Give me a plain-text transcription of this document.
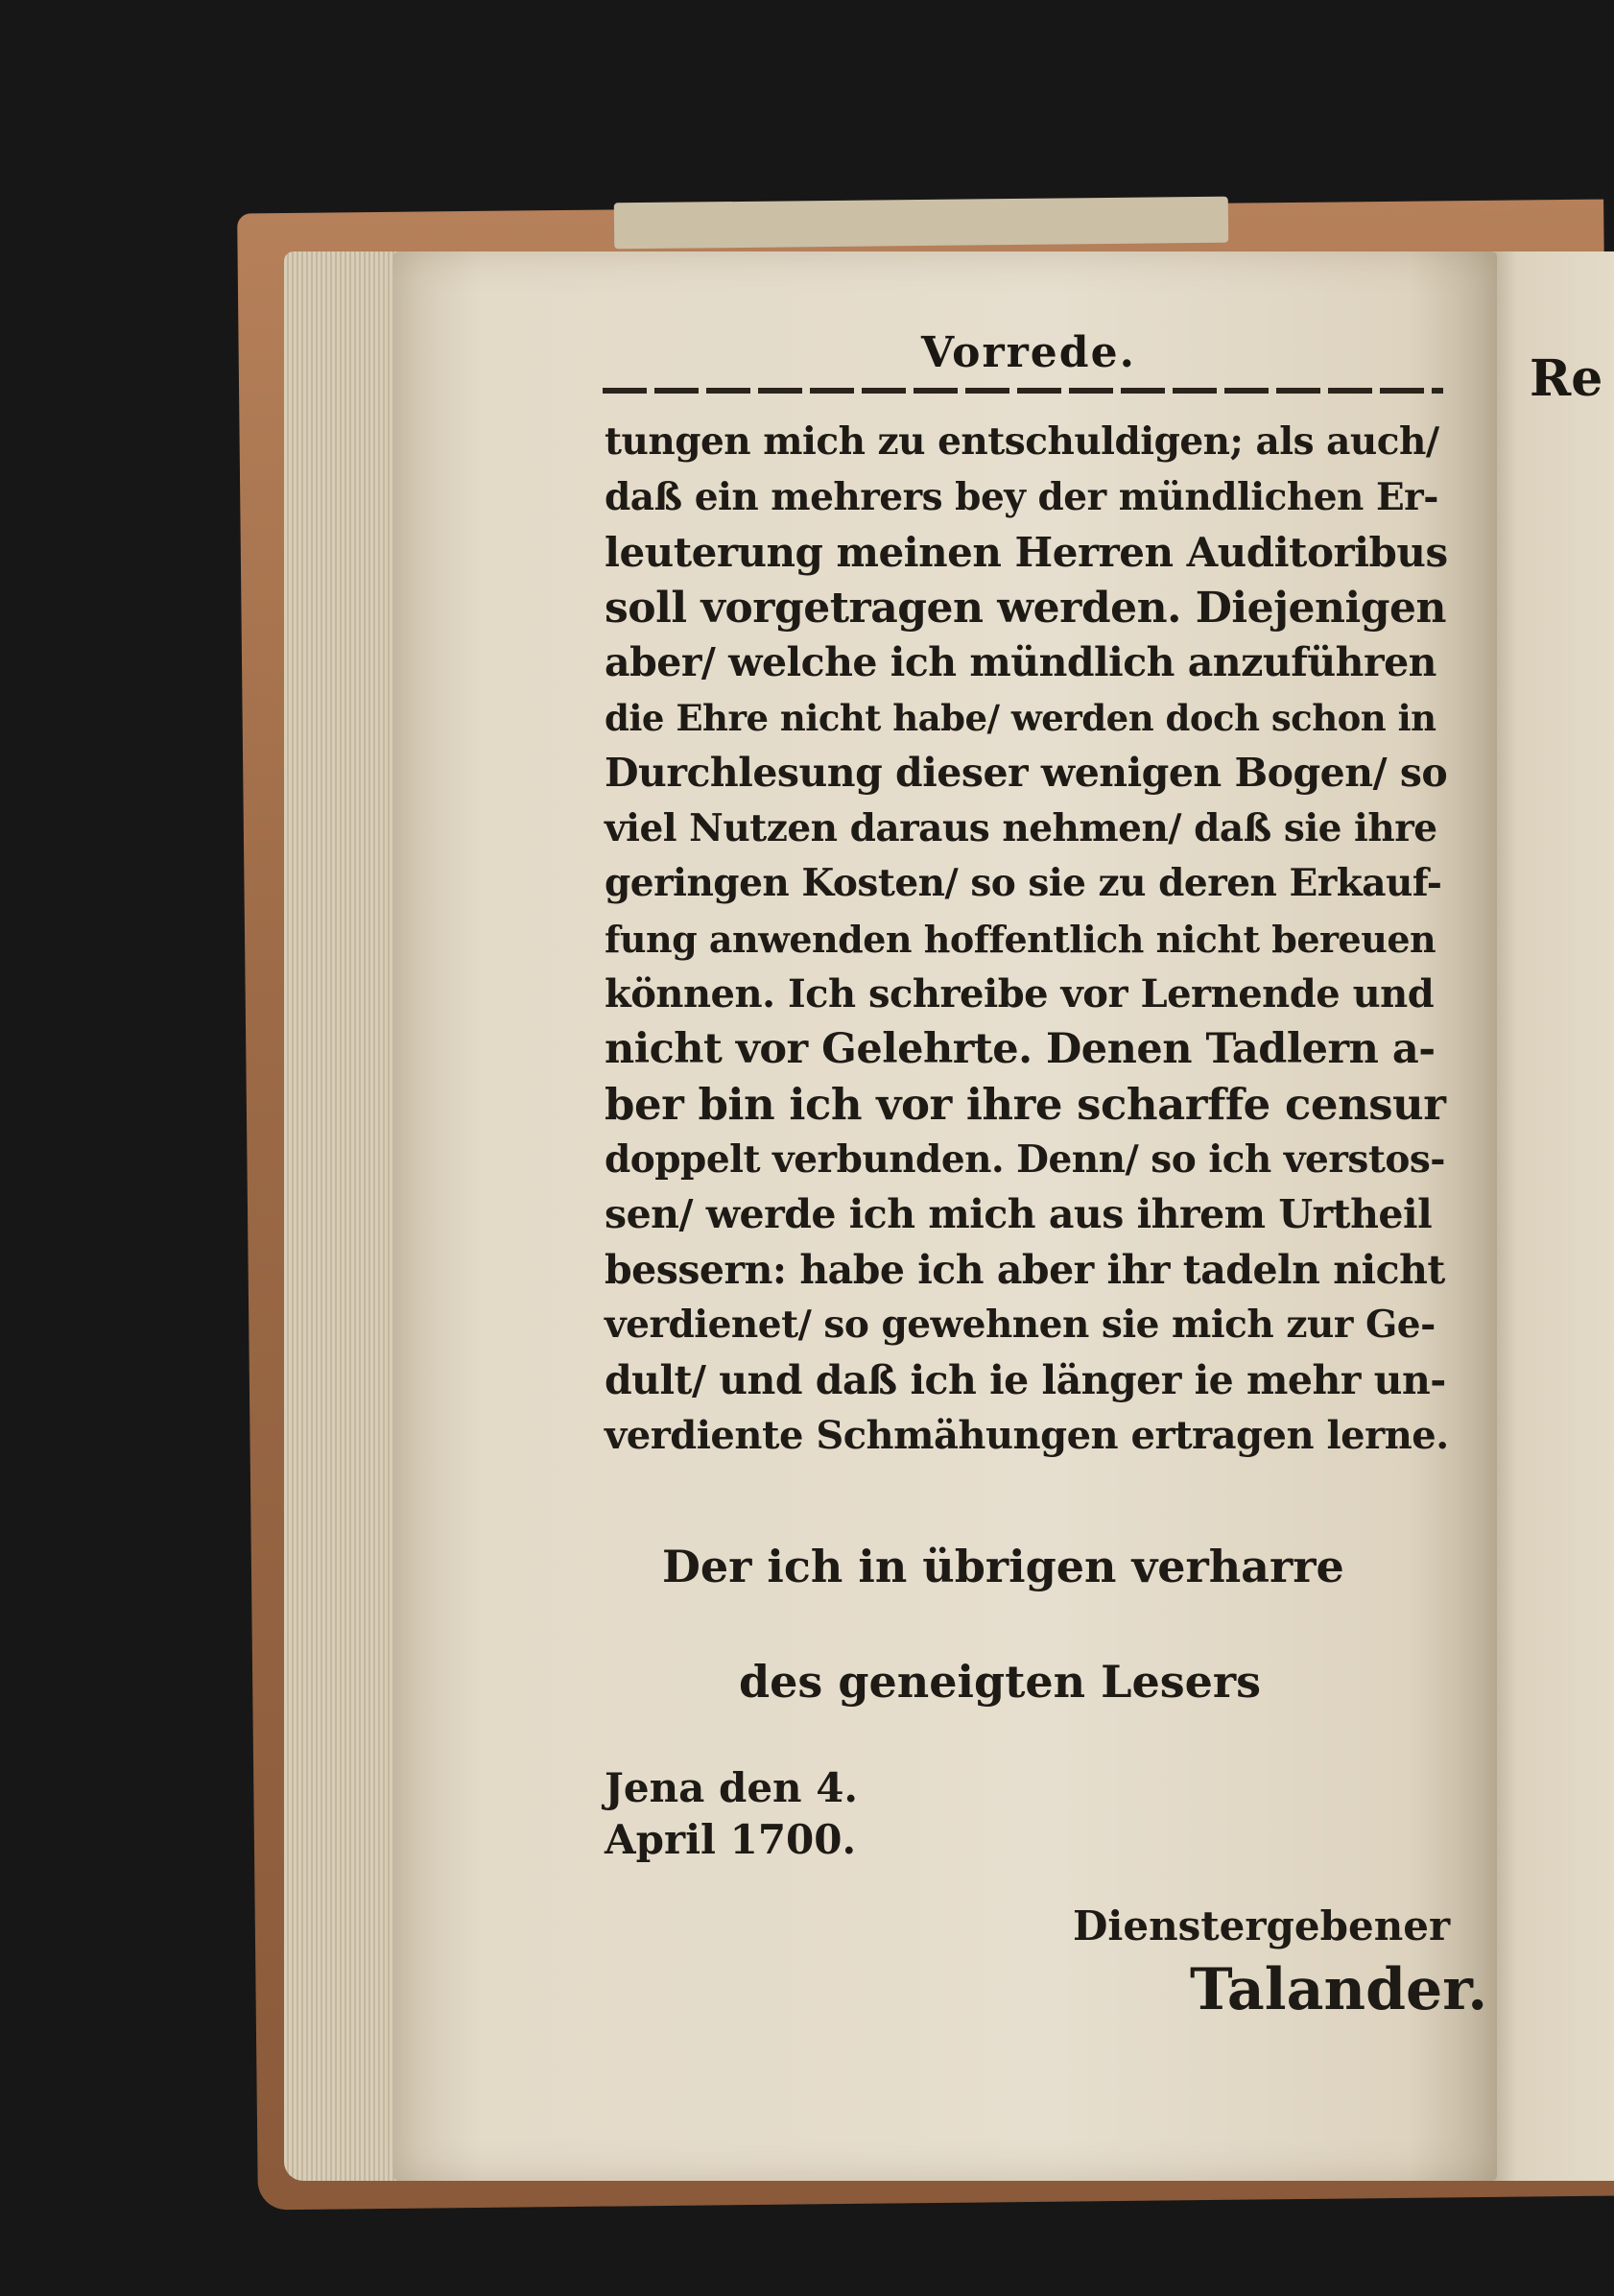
Re
Vorrede.
tungen mich zu entschuldigen; als auch/
daß ein mehrers bey der mündlichen Er-
leuterung meinen Herren Auditoribus
soll vorgetragen werden. Diejenigen
aber/ welche ich mündlich anzuführen
die Ehre nicht habe/ werden doch schon in
Durchlesung dieser wenigen Bogen/ so
viel Nutzen daraus nehmen/ daß sie ihre
geringen Kosten/ so sie zu deren Erkauf-
fung anwenden hoffentlich nicht bereuen
können. Ich schreibe vor Lernende und
nicht vor Gelehrte. Denen Tadlern a-
ber bin ich vor ihre scharffe censur
doppelt verbunden. Denn/ so ich verstos-
sen/ werde ich mich aus ihrem Urtheil
bessern: habe ich aber ihr tadeln nicht
verdienet/ so gewehnen sie mich zur Ge-
dult/ und daß ich ie länger ie mehr un-
verdiente Schmähungen ertragen lerne.
Der ich in übrigen verharre
des geneigten Lesers
Jena den 4.
April 1700.
Dienstergebener
Talander.
